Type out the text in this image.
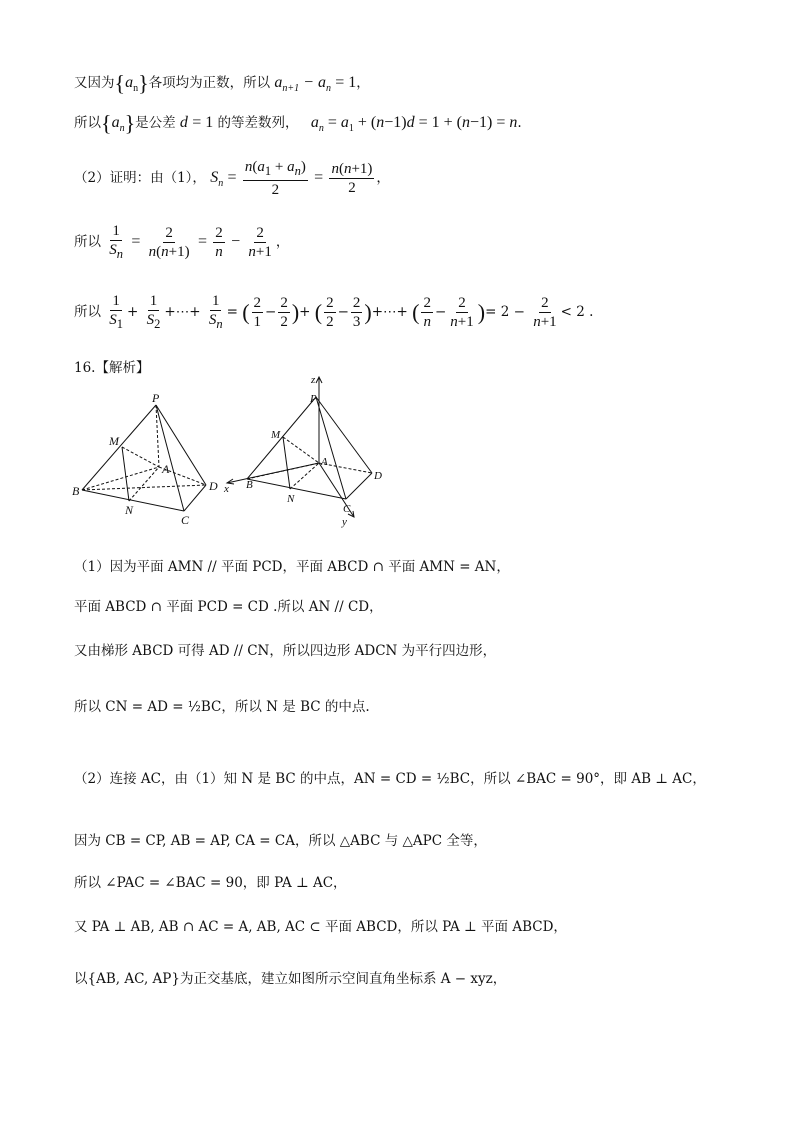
又因为$\{a_n\}$各项均为正数，所以 $a_{n+1} - a_n = 1$，
所以$\{a_n\}$是公差 d = 1 的等差数列， $a_n = a_1 + (n-1)d = 1 + (n-1) = n$.
（2）证明：由（1）， $S_n = \frac{n(a_1 + a_n)}{2} = \frac{n(n+1)}{2}$ ，
所以 $\frac{1}{S_n} = \frac{2}{n(n+1)} = \frac{2}{n} - \frac{2}{n+1}$ ，
所以 $\frac{1}{S_1} + \frac{1}{S_2}$ +⋯+ $\frac{1}{S_n}$ = ( $\frac{2}{1} - \frac{2}{2}$ )+ ( $\frac{2}{2} - \frac{2}{3}$ )+⋯+ ( $\frac{2}{n} - \frac{2}{n+1}$ )= $2 - \frac{2}{n+1} < 2$ .
16.【解析】
P
M
A
B
N
C
D
z
P
M
A
B
x
N
C
D
y
（1）因为平面 AMN // 平面 PCD，平面 ABCD ∩ 平面 AMN = AN，
平面 ABCD ∩ 平面 PCD = CD .所以 AN // CD，
又由梯形 ABCD 可得 AD // CN，所以四边形 ADCN 为平行四边形，
所以 CN = AD = ½BC，所以 N 是 BC 的中点.
（2）连接 AC，由（1）知 N 是 BC 的中点，AN = CD = ½BC，所以 ∠BAC = 90°，即 AB ⊥ AC，
因为 CB = CP, AB = AP, CA = CA，所以 △ABC 与 △APC 全等，
所以 ∠PAC = ∠BAC = 90，即 PA ⊥ AC，
又 PA ⊥ AB, AB ∩ AC = A, AB, AC ⊂ 平面 ABCD，所以 PA ⊥ 平面 ABCD，
以{AB, AC, AP}为正交基底，建立如图所示空间直角坐标系 A − xyz，
